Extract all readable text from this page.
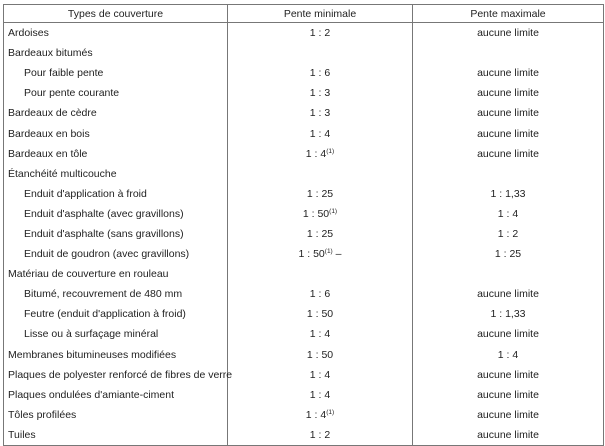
Types de couverture	Pente minimale	Pente maximale
Ardoises	1 : 2	aucune limite
Bardeaux bitumés		
Pour faible pente	1 : 6	aucune limite
Pour pente courante	1 : 3	aucune limite
Bardeaux de cèdre	1 : 3	aucune limite
Bardeaux en bois	1 : 4	aucune limite
Bardeaux en tôle	1 : 4$^{(1)}$	aucune limite
Étanchéité multicouche		
Enduit d'application à froid	1 : 25	1 : 1,33
Enduit d'asphalte (avec gravillons)	1 : 50$^{(1)}$	1 : 4
Enduit d'asphalte (sans gravillons)	1 : 25	1 : 2
Enduit de goudron (avec gravillons)	1 : 50$^{(1)}$ –	1 : 25
Matériau de couverture en rouleau		
Bitumé, recouvrement de 480 mm	1 : 6	aucune limite
Feutre (enduit d'application à froid)	1 : 50	1 : 1,33
Lisse ou à surfaçage minéral	1 : 4	aucune limite
Membranes bitumineuses modifiées	1 : 50	1 : 4
Plaques de polyester renforcé de fibres de verre	1 : 4	aucune limite
Plaques ondulées d'amiante-ciment	1 : 4	aucune limite
Tôles profilées	1 : 4$^{(1)}$	aucune limite
Tuiles	1 : 2	aucune limite
